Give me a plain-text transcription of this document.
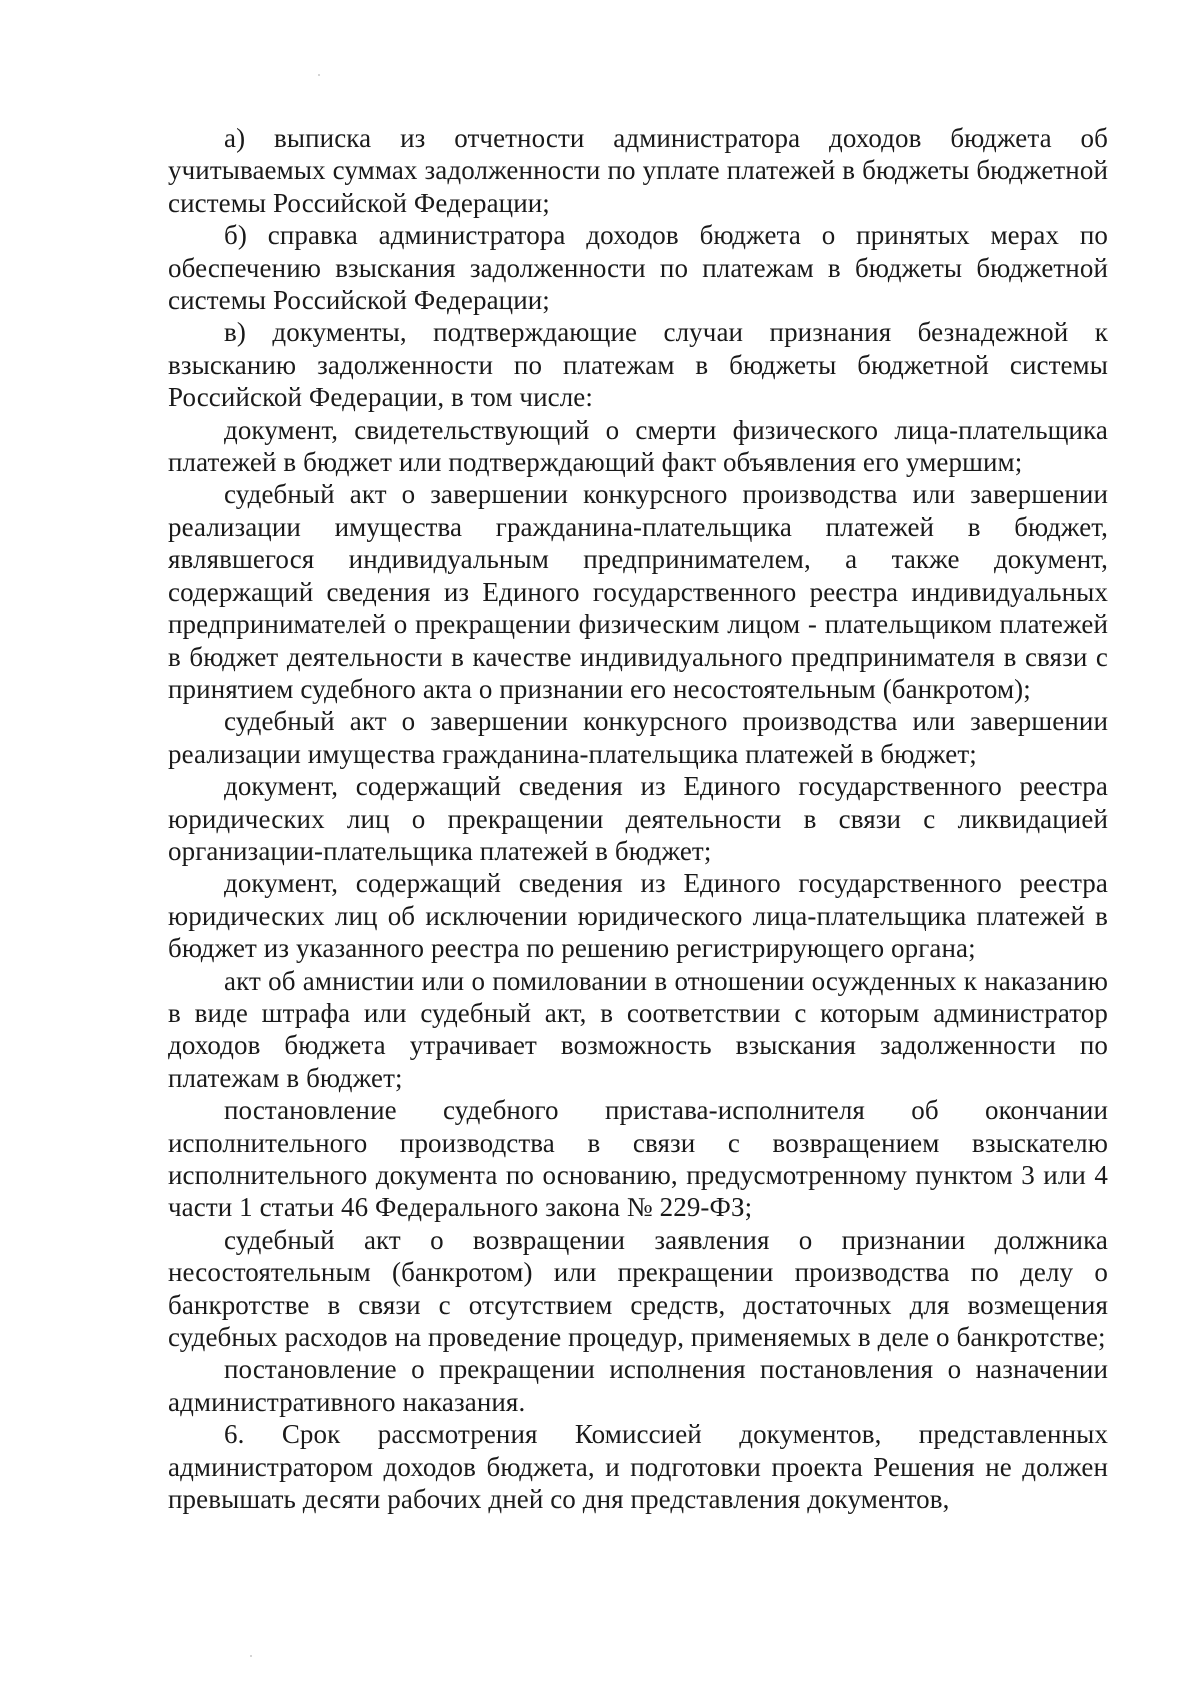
а) выписка из отчетности администратора доходов бюджета об учитываемых суммах задолженности по уплате платежей в бюджеты бюджетной системы Российской Федерации;

б) справка администратора доходов бюджета о принятых мерах по обеспечению взыскания задолженности по платежам в бюджеты бюджетной системы Российской Федерации;

в) документы, подтверждающие случаи признания безнадежной к взысканию задолженности по платежам в бюджеты бюджетной системы Российской Федерации, в том числе:

документ, свидетельствующий о смерти физического лица-плательщика платежей в бюджет или подтверждающий факт объявления его умершим;

судебный акт о завершении конкурсного производства или завершении реализации имущества гражданина-плательщика платежей в бюджет, являвшегося индивидуальным предпринимателем, а также документ, содержащий сведения из Единого государственного реестра индивидуальных предпринимателей о прекращении физическим лицом - плательщиком платежей в бюджет деятельности в качестве индивидуального предпринимателя в связи с принятием судебного акта о признании его несостоятельным (банкротом);

судебный акт о завершении конкурсного производства или завершении реализации имущества гражданина-плательщика платежей в бюджет;

документ, содержащий сведения из Единого государственного реестра юридических лиц о прекращении деятельности в связи с ликвидацией организации-плательщика платежей в бюджет;

документ, содержащий сведения из Единого государственного реестра юридических лиц об исключении юридического лица-плательщика платежей в бюджет из указанного реестра по решению регистрирующего органа;

акт об амнистии или о помиловании в отношении осужденных к наказанию в виде штрафа или судебный акт, в соответствии с которым администратор доходов бюджета утрачивает возможность взыскания задолженности по платежам в бюджет;

постановление судебного пристава-исполнителя об окончании исполнительного производства в связи с возвращением взыскателю исполнительного документа по основанию, предусмотренному пунктом 3 или 4 части 1 статьи 46 Федерального закона № 229-ФЗ;

судебный акт о возвращении заявления о признании должника несостоятельным (банкротом) или прекращении производства по делу о банкротстве в связи с отсутствием средств, достаточных для возмещения судебных расходов на проведение процедур, применяемых в деле о банкротстве;

постановление о прекращении исполнения постановления о назначении административного наказания.

6. Срок рассмотрения Комиссией документов, представленных администратором доходов бюджета, и подготовки проекта Решения не должен превышать десяти рабочих дней со дня представления документов,
